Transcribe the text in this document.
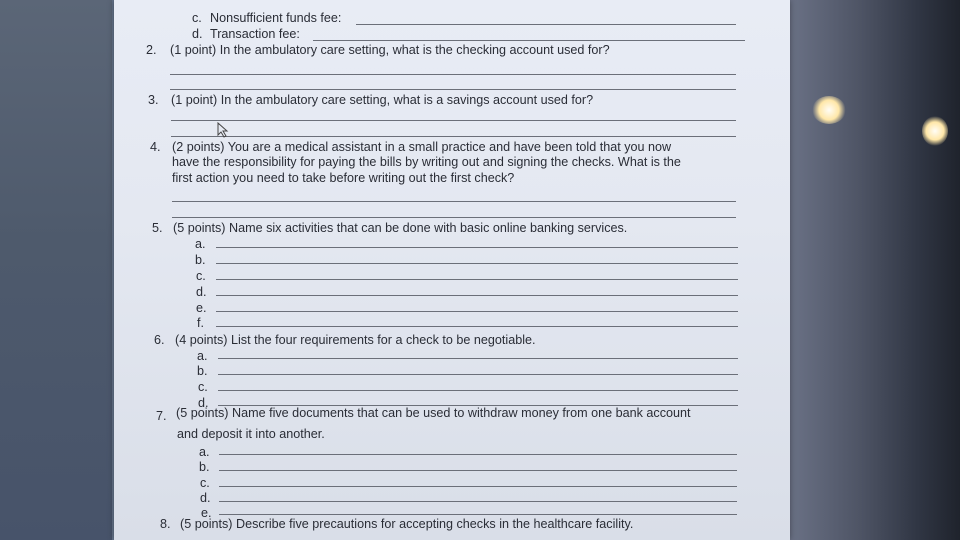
c. Nonsufficient funds fee:
d. Transaction fee:
2. (1 point) In the ambulatory care setting, what is the checking account used for?
3. (1 point) In the ambulatory care setting, what is a savings account used for?
4. (2 points) You are a medical assistant in a small practice and have been told that you now
have the responsibility for paying the bills by writing out and signing the checks. What is the
first action you need to take before writing out the first check?
5. (5 points) Name six activities that can be done with basic online banking services.
a.
b.
c.
d.
e.
f.
6. (4 points) List the four requirements for a check to be negotiable.
a.
b.
c.
d.
7. (5 points) Name five documents that can be used to withdraw money from one bank account
and deposit it into another.
a.
b.
c.
d.
e.
8. (5 points) Describe five precautions for accepting checks in the healthcare facility.
